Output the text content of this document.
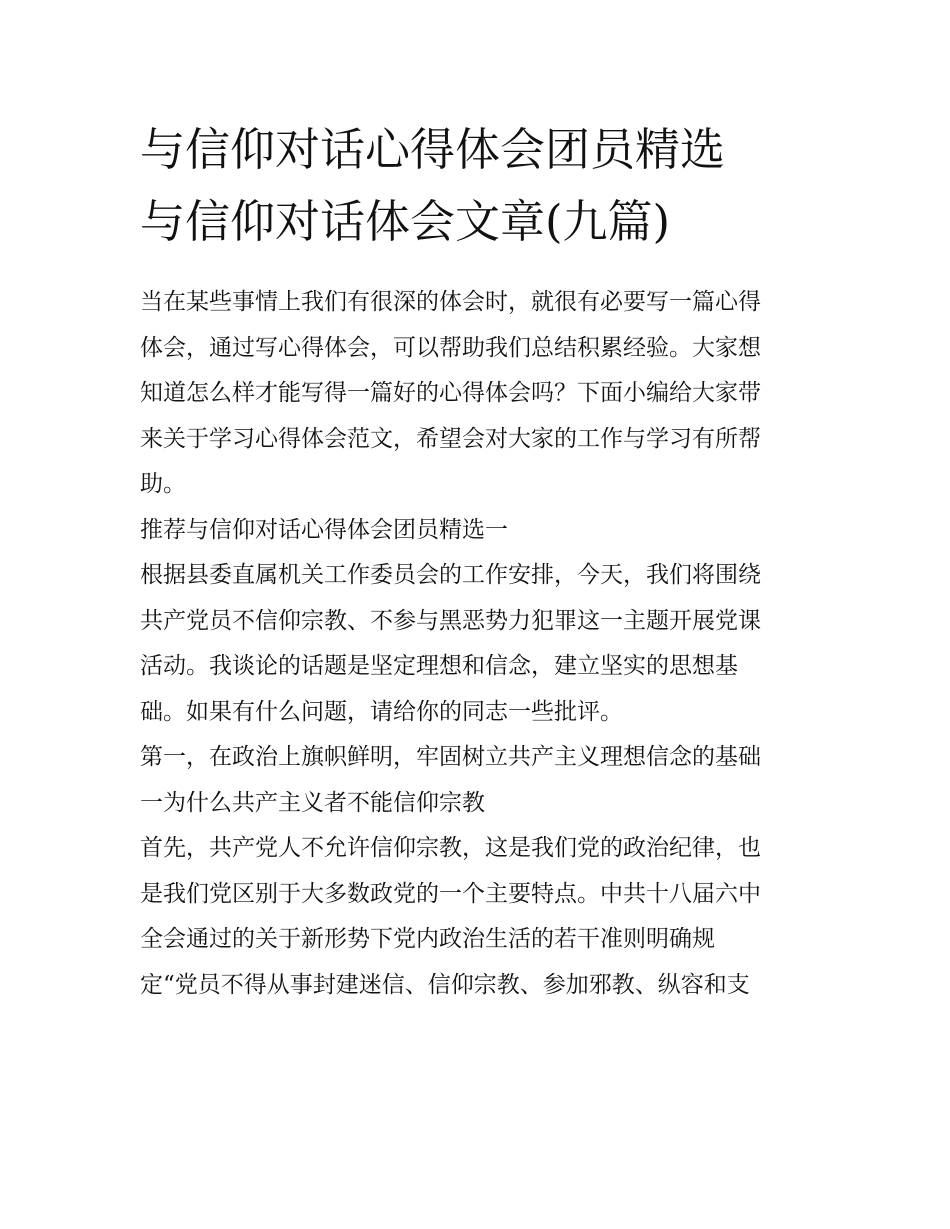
与信仰对话心得体会团员精选
与信仰对话体会文章(九篇)
当在某些事情上我们有很深的体会时，就很有必要写一篇心得
体会，通过写心得体会，可以帮助我们总结积累经验。大家想
知道怎么样才能写得一篇好的心得体会吗？下面小编给大家带
来关于学习心得体会范文，希望会对大家的工作与学习有所帮
助。
推荐与信仰对话心得体会团员精选一
根据县委直属机关工作委员会的工作安排，今天，我们将围绕
共产党员不信仰宗教、不参与黑恶势力犯罪这一主题开展党课
活动。我谈论的话题是坚定理想和信念，建立坚实的思想基
础。如果有什么问题，请给你的同志一些批评。
第一，在政治上旗帜鲜明，牢固树立共产主义理想信念的基础
一为什么共产主义者不能信仰宗教
首先，共产党人不允许信仰宗教，这是我们党的政治纪律，也
是我们党区别于大多数政党的一个主要特点。中共十八届六中
全会通过的关于新形势下党内政治生活的若干准则明确规
定“党员不得从事封建迷信、信仰宗教、参加邪教、纵容和支
